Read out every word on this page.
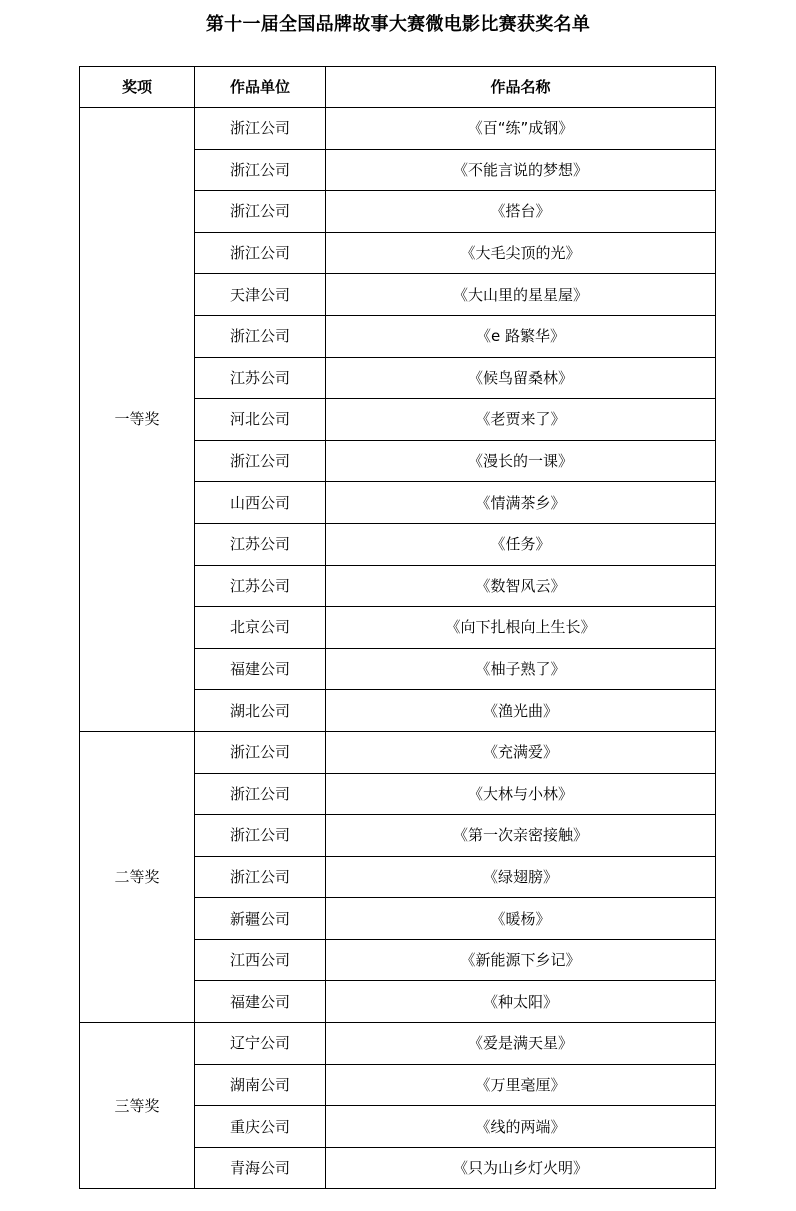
第十一届全国品牌故事大赛微电影比赛获奖名单
奖项	作品单位	作品名称
一等奖	浙江公司	《百“练”成钢》
	浙江公司	《不能言说的梦想》
	浙江公司	《搭台》
	浙江公司	《大毛尖顶的光》
	天津公司	《大山里的星星屋》
	浙江公司	《e 路繁华》
	江苏公司	《候鸟留桑林》
	河北公司	《老贾来了》
	浙江公司	《漫长的一课》
	山西公司	《情满茶乡》
	江苏公司	《任务》
	江苏公司	《数智风云》
	北京公司	《向下扎根向上生长》
	福建公司	《柚子熟了》
	湖北公司	《渔光曲》
二等奖	浙江公司	《充满爱》
	浙江公司	《大林与小林》
	浙江公司	《第一次亲密接触》
	浙江公司	《绿翅膀》
	新疆公司	《暖杨》
	江西公司	《新能源下乡记》
	福建公司	《种太阳》
三等奖	辽宁公司	《爱是满天星》
	湖南公司	《万里毫厘》
	重庆公司	《线的两端》
	青海公司	《只为山乡灯火明》
